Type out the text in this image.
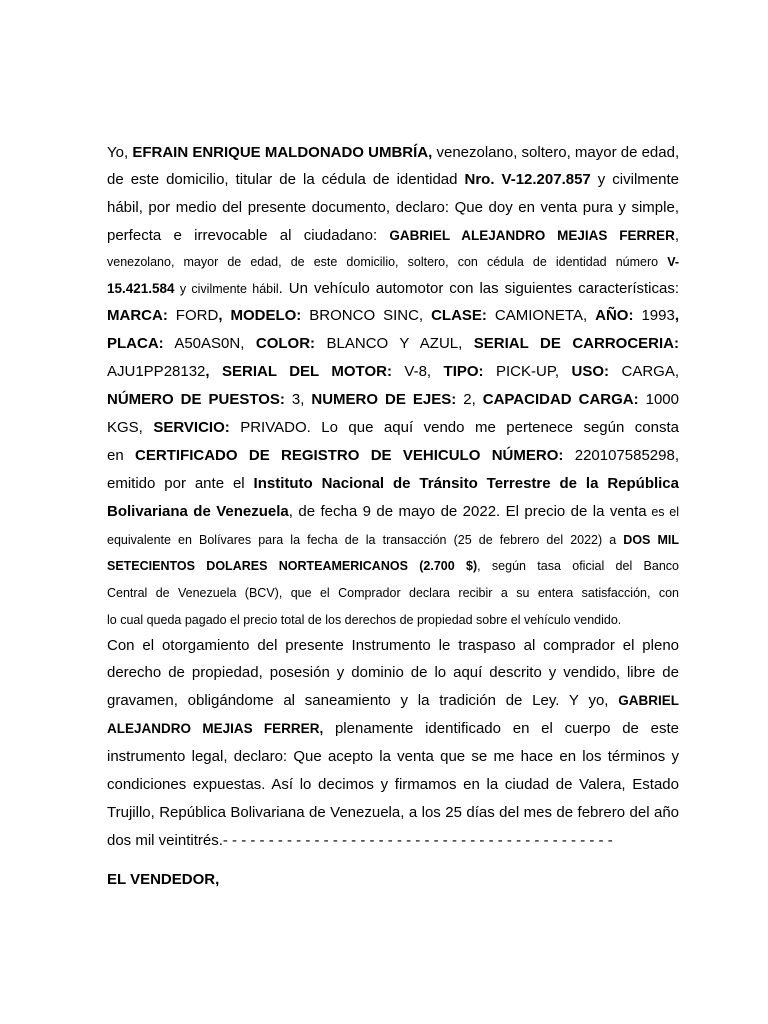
Yo, EFRAIN ENRIQUE MALDONADO UMBRÍA, venezolano, soltero, mayor de edad,
de este domicilio, titular de la cédula de identidad Nro. V-12.207.857 y civilmente
hábil, por medio del presente documento, declaro: Que doy en venta pura y simple,
perfecta e irrevocable al ciudadano: GABRIEL ALEJANDRO MEJIAS FERRER,
venezolano, mayor de edad, de este domicilio, soltero, con cédula de identidad número V-
15.421.584 y civilmente hábil. Un vehículo automotor con las siguientes características:
MARCA: FORD, MODELO: BRONCO SINC, CLASE: CAMIONETA, AÑO: 1993,
PLACA: A50AS0N, COLOR: BLANCO Y AZUL, SERIAL DE CARROCERIA:
AJU1PP28132, SERIAL DEL MOTOR: V-8, TIPO: PICK-UP, USO: CARGA,
NÚMERO DE PUESTOS: 3, NUMERO DE EJES: 2, CAPACIDAD CARGA: 1000
KGS, SERVICIO: PRIVADO. Lo que aquí vendo me pertenece según consta
en CERTIFICADO DE REGISTRO DE VEHICULO NÚMERO: 220107585298,
emitido por ante el Instituto Nacional de Tránsito Terrestre de la República
Bolivariana de Venezuela, de fecha 9 de mayo de 2022. El precio de la venta es el
equivalente en Bolívares para la fecha de la transacción (25 de febrero del 2022) a DOS MIL
SETECIENTOS DOLARES NORTEAMERICANOS (2.700 $), según tasa oficial del Banco
Central de Venezuela (BCV), que el Comprador declara recibir a su entera satisfacción, con
lo cual queda pagado el precio total de los derechos de propiedad sobre el vehículo vendido.
Con el otorgamiento del presente Instrumento le traspaso al comprador el pleno
derecho de propiedad, posesión y dominio de lo aquí descrito y vendido, libre de
gravamen, obligándome al saneamiento y la tradición de Ley. Y yo, GABRIEL
ALEJANDRO MEJIAS FERRER, plenamente identificado en el cuerpo de este
instrumento legal, declaro: Que acepto la venta que se me hace en los términos y
condiciones expuestas. Así lo decimos y firmamos en la ciudad de Valera, Estado
Trujillo, República Bolivariana de Venezuela, a los 25 días del mes de febrero del año
dos mil veintitrés.- - - - - - - - - - - - - - - - - - - - - - - - - - - - - - - - - - - - - - - - - - -
EL VENDEDOR,
